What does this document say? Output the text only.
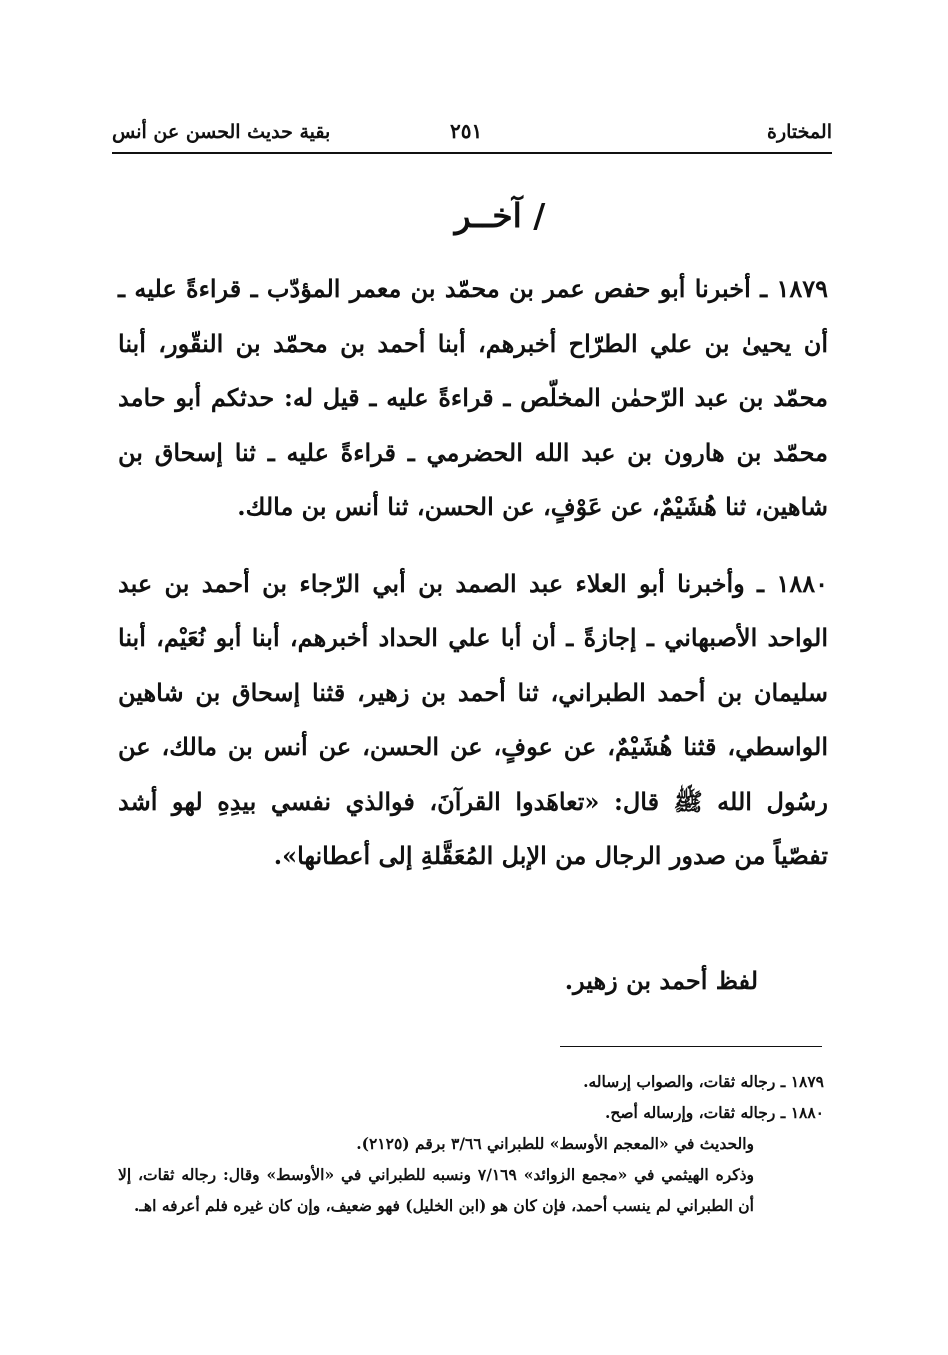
المختارة
٢٥١
بقية حديث الحسن عن أنس
/ آخــر

١٨٧٩ ـ أخبرنا أبو حفص عمر بن محمّد بن معمر المؤدّب ـ قراءةً عليه ـ أن يحيىٰ بن علي الطرّاح أخبرهم، أبنا أحمد بن محمّد بن النقّور، أبنا محمّد بن عبد الرّحمٰن المخلّص ـ قراءةً عليه ـ قيل له: حدثكم أبو حامد محمّد بن هارون بن عبد الله الحضرمي ـ قراءةً عليه ـ ثنا إسحاق بن شاهين، ثنا هُشَيْمٌ، عن عَوْفٍ، عن الحسن، ثنا أنس بن مالك.

١٨٨٠ ـ وأخبرنا أبو العلاء عبد الصمد بن أبي الرّجاء بن أحمد بن عبد الواحد الأصبهاني ـ إجازةً ـ أن أبا علي الحداد أخبرهم، أبنا أبو نُعَيْم، أبنا سليمان بن أحمد الطبراني، ثنا أحمد بن زهير، قثنا إسحاق بن شاهين الواسطي، قثنا هُشَيْمٌ، عن عوفٍ، عن الحسن، عن أنس بن مالك، عن رسُول الله ﷺ قال: «تعاهَدوا القرآنَ، فوالذي نفسي بيدِهِ لهو أشد تفصّياً من صدور الرجال من الإبل المُعَقَّلةِ إلى أعطانها».

لفظ أحمد بن زهير.

١٨٧٩ ـ رجاله ثقات، والصواب إرساله.

١٨٨٠ ـ رجاله ثقات، وإرساله أصح.

والحديث في «المعجم الأوسط» للطبراني ٣/٦٦ برقم (٢١٢٥).

وذكره الهيثمي في «مجمع الزوائد» ٧/١٦٩ ونسبه للطبراني في «الأوسط» وقال: رجاله ثقات، إلا أن الطبراني لم ينسب أحمد، فإن كان هو (ابن الخليل) فهو ضعيف، وإن كان غيره فلم أعرفه اهـ.
